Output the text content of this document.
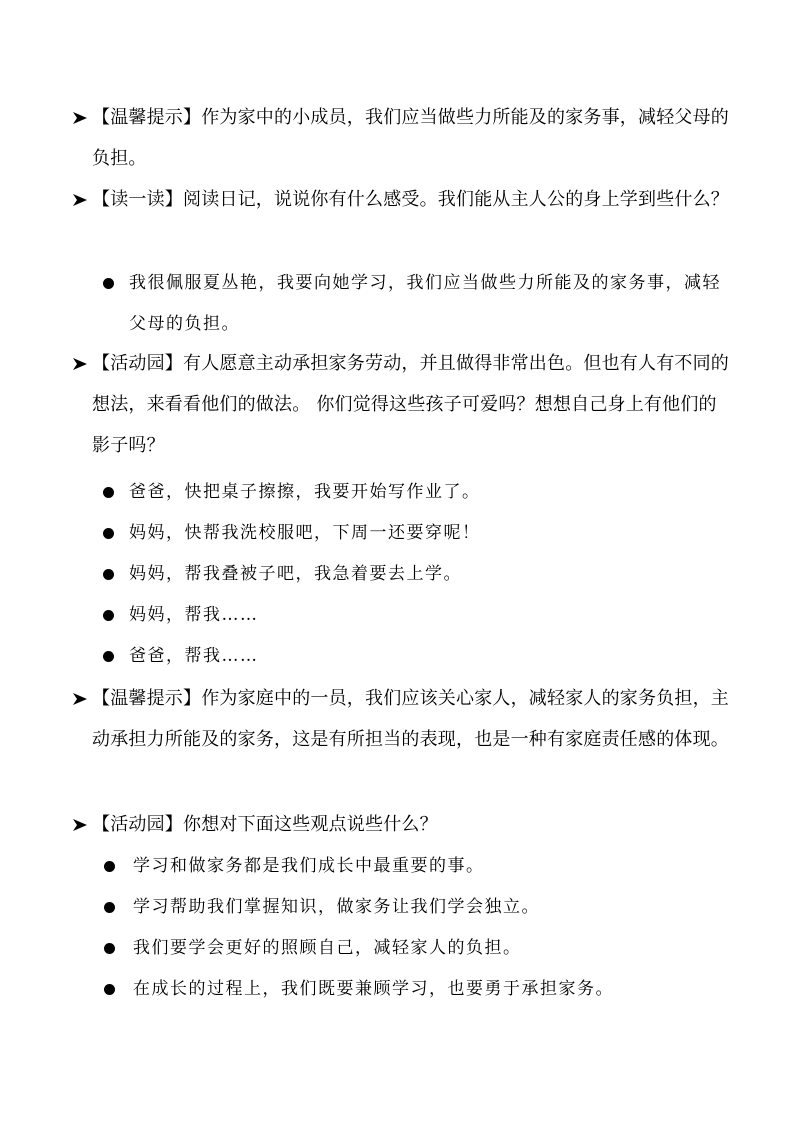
【温馨提示】作为家中的小成员，我们应当做些力所能及的家务事，减轻父母的负担。
【读一读】阅读日记，说说你有什么感受。我们能从主人公的身上学到些什么？
我很佩服夏丛艳，我要向她学习，我们应当做些力所能及的家务事，减轻父母的负担。
【活动园】有人愿意主动承担家务劳动，并且做得非常出色。但也有人有不同的想法，来看看他们的做法。 你们觉得这些孩子可爱吗？想想自己身上有他们的影子吗？
爸爸，快把桌子擦擦，我要开始写作业了。
妈妈，快帮我洗校服吧，下周一还要穿呢！
妈妈，帮我叠被子吧，我急着要去上学。
妈妈，帮我……
爸爸，帮我……
【温馨提示】作为家庭中的一员，我们应该关心家人，减轻家人的家务负担，主动承担力所能及的家务，这是有所担当的表现，也是一种有家庭责任感的体现。
【活动园】你想对下面这些观点说些什么？
学习和做家务都是我们成长中最重要的事。
学习帮助我们掌握知识，做家务让我们学会独立。
我们要学会更好的照顾自己，减轻家人的负担。
在成长的过程上，我们既要兼顾学习，也要勇于承担家务。
